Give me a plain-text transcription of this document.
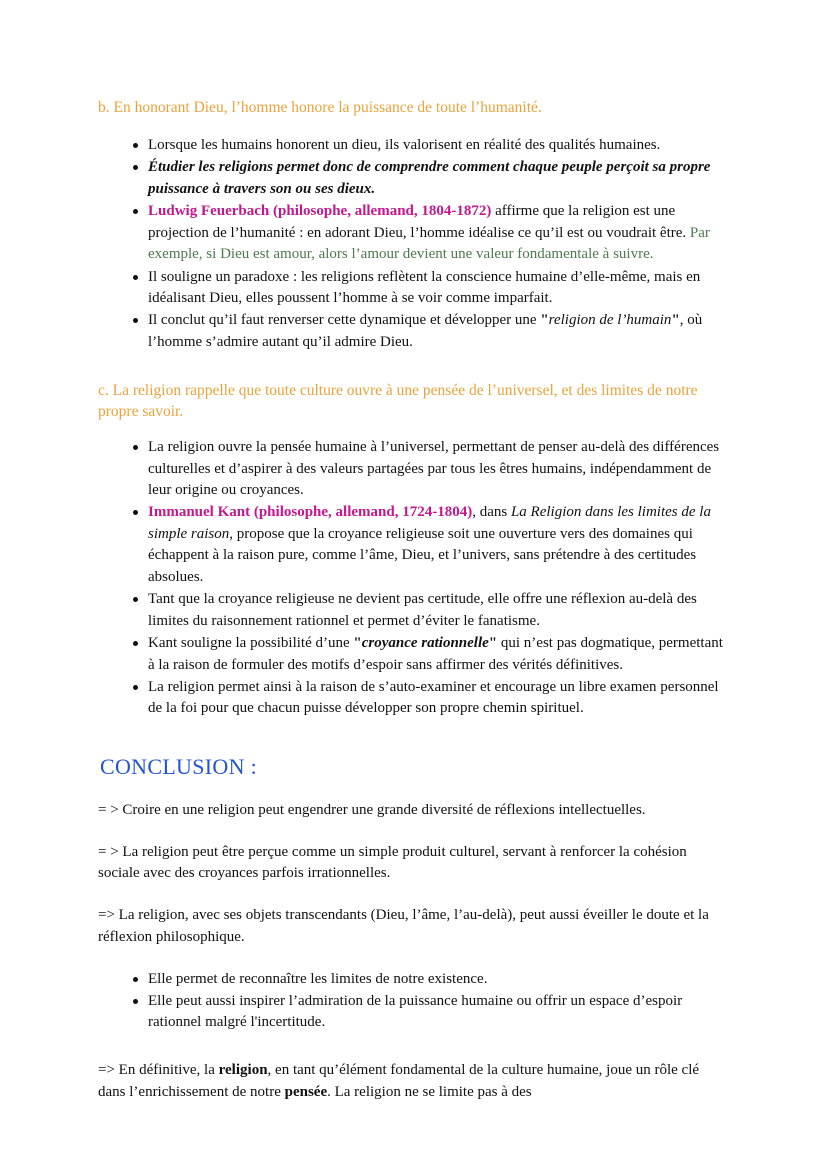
b. En honorant Dieu, l’homme honore la puissance de toute l’humanité.
Lorsque les humains honorent un dieu, ils valorisent en réalité des qualités humaines.
Étudier les religions permet donc de comprendre comment chaque peuple perçoit sa propre puissance à travers son ou ses dieux.
Ludwig Feuerbach (philosophe, allemand, 1804-1872) affirme que la religion est une projection de l’humanité : en adorant Dieu, l’homme idéalise ce qu’il est ou voudrait être. Par exemple, si Dieu est amour, alors l’amour devient une valeur fondamentale à suivre.
Il souligne un paradoxe : les religions reflètent la conscience humaine d’elle-même, mais en idéalisant Dieu, elles poussent l’homme à se voir comme imparfait.
Il conclut qu’il faut renverser cette dynamique et développer une "religion de l’humain", où l’homme s’admire autant qu’il admire Dieu.
c. La religion rappelle que toute culture ouvre à une pensée de l’universel, et des limites de notre propre savoir.
La religion ouvre la pensée humaine à l’universel, permettant de penser au-delà des différences culturelles et d’aspirer à des valeurs partagées par tous les êtres humains, indépendamment de leur origine ou croyances.
Immanuel Kant (philosophe, allemand, 1724-1804), dans La Religion dans les limites de la simple raison, propose que la croyance religieuse soit une ouverture vers des domaines qui échappent à la raison pure, comme l’âme, Dieu, et l’univers, sans prétendre à des certitudes absolues.
Tant que la croyance religieuse ne devient pas certitude, elle offre une réflexion au-delà des limites du raisonnement rationnel et permet d’éviter le fanatisme.
Kant souligne la possibilité d’une "croyance rationnelle" qui n’est pas dogmatique, permettant à la raison de formuler des motifs d’espoir sans affirmer des vérités définitives.
La religion permet ainsi à la raison de s’auto-examiner et encourage un libre examen personnel de la foi pour que chacun puisse développer son propre chemin spirituel.
CONCLUSION :

= > Croire en une religion peut engendrer une grande diversité de réflexions intellectuelles.

= > La religion peut être perçue comme un simple produit culturel, servant à renforcer la cohésion sociale avec des croyances parfois irrationnelles.

=> La religion, avec ses objets transcendants (Dieu, l’âme, l’au-delà), peut aussi éveiller le doute et la réflexion philosophique.

Elle permet de reconnaître les limites de notre existence.
Elle peut aussi inspirer l’admiration de la puissance humaine ou offrir un espace d’espoir rationnel malgré l'incertitude.

=> En définitive, la religion, en tant qu’élément fondamental de la culture humaine, joue un rôle clé dans l’enrichissement de notre pensée. La religion ne se limite pas à des
